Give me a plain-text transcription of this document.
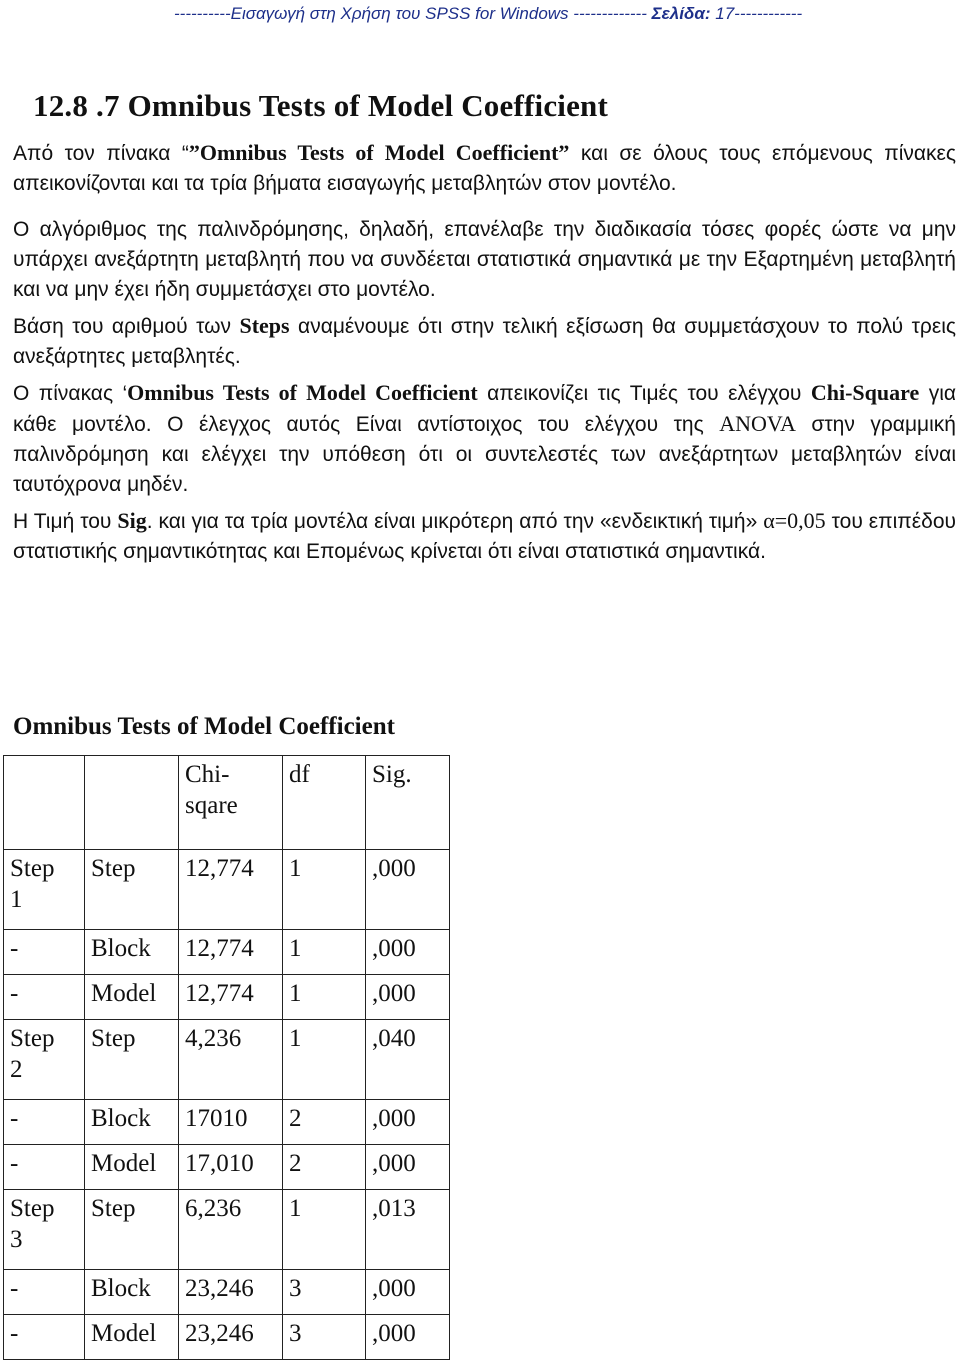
----------Εισαγωγή στη Χρήση του SPSS for Windows ------------- Σελίδα: 17------------
12.8 .7 Omnibus Tests of Model Coefficient

Από τον πίνακα “”Omnibus Tests of Model Coefficient” και σε όλους τους επόμενους πίνακες απεικονίζονται και τα τρία βήματα εισαγωγής μεταβλητών στον μοντέλο.

Ο αλγόριθμος της παλινδρόμησης, δηλαδή, επανέλαβε την διαδικασία τόσες φορές ώστε να μην υπάρχει ανεξάρτητη μεταβλητή που να συνδέεται στατιστικά σημαντικά με την Εξαρτημένη μεταβλητή και να μην έχει ήδη συμμετάσχει στο μοντέλο.

Βάση του αριθμού των Steps αναμένουμε ότι στην τελική εξίσωση θα συμμετάσχουν το πολύ τρεις ανεξάρτητες μεταβλητές.

Ο πίνακας ‘Omnibus Tests of Model Coefficient απεικονίζει τις Τιμές του ελέγχου Chi-Square για κάθε μοντέλο. Ο έλεγχος αυτός Είναι αντίστοιχος του ελέγχου της ANOVA στην γραμμική παλινδρόμηση και ελέγχει την υπόθεση ότι οι συντελεστές των ανεξάρτητων μεταβλητών είναι ταυτόχρονα μηδέν.

Η Τιμή του Sig. και για τα τρία μοντέλα είναι μικρότερη από την «ενδεικτική τιμή» α=0,05 του επιπέδου στατιστικής σημαντικότητας και Επομένως κρίνεται ότι είναι στατιστικά σημαντικά.

Omnibus Tests of Model Coefficient
		Chi-
sqare	df	Sig.
Step
1	Step	12,774	1	,000
-	Block	12,774	1	,000
-	Model	12,774	1	,000
Step
2	Step	4,236	1	,040
-	Block	17010	2	,000
-	Model	17,010	2	,000
Step
3	Step	6,236	1	,013
-	Block	23,246	3	,000
-	Model	23,246	3	,000
